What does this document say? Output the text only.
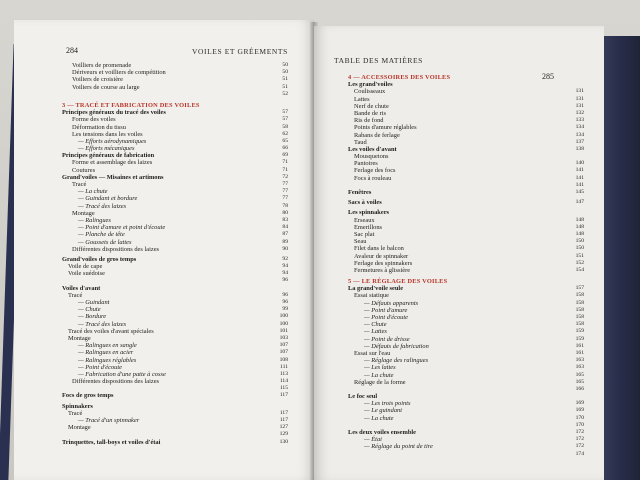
284	VOILES ET GRÉEMENTS
Voilliers de promenade	50
Dériveurs et voilliers de compétition	50
Voiliers de croisière	51
Voiliers de course au large	51
52
3 — TRACÉ ET FABRICATION DES VOILES
Principes généraux du tracé des voiles	57
Forme des voiles	57
Déformation du tissu	58
Les tensions dans les voiles	62
— Efforts aérodynamiques	65
— Efforts mécaniques	66
Principes généraux de fabrication	69
Forme et assemblage des laizes	71
Coutures	71
Grand'voiles — Misaines et artimons	72
Tracé	77
— La chute	77
— Guindant et bordure	77
— Tracé des laizes	78
Montage	80
— Ralingues	83
— Point d'amure et point d'écoute	84
— Planche de tête	87
— Goussets de lattes	89
Différentes dispositions des laizes	90
Grand'voiles de gros temps	92
Voile de cape	94
Voile suédoise	94
96
Voiles d'avant
Tracé	96
— Guindant	96
— Chute	99
— Bordure	100
— Tracé des laizes	100
Tracé des voiles d'avant spéciales	101
Montage	103
— Ralingues en sangle	107
— Ralingues en acier	107
— Ralingues réglables	108
— Point d'écoute	111
— Fabrication d'une patte à cosse	113
Différentes dispositions des laizes	114
115
Focs de gros temps	117
Spinnakers
Tracé	117
— Tracé d'un spinnaker	117
Montage	127
129
Trinquettes, tall-boys et voiles d'étai	130
TABLE DES MATIÈRES
285
4 — ACCESSOIRES DES VOILES
Les grand'voiles
Coulisseaux	131
Lattes	131
Nerf de chute	131
Bande de ris	132
Ris de fond	133
Points d'amure réglables	134
Rabans de ferlage	134
Taud	137
Les voiles d'avant	138
Mousquetons
Pantoires	140
Ferlage des focs	141
Focs à rouleau	141
141
Fenêtres	145
Sacs à voiles	147
Les spinnakers
Erseaux	148
Emerillons	148
Sac plat	148
Seau	150
Filet dans le balcon	150
Avaleur de spinnaker	151
Ferlage des spinnakers	152
Fermetures à glissière	154
5 — LE RÉGLAGE DES VOILES
La grand'voile seule	157
Essai statique	158
— Défauts apparents	158
— Point d'amure	158
— Point d'écoute	158
— Chute	158
— Lattes	159
— Point de drisse	159
— Défauts de fabrication	161
Essai sur l'eau	161
— Réglage des ralingues	163
— Les lattes	163
— La chute	165
Réglage de la forme	165
166
Le foc seul
— Les trois points	169
— Le guindant	169
— La chute	170
170
Les deux voiles ensemble	172
— Étai	172
— Réglage du point de tire	172
174
